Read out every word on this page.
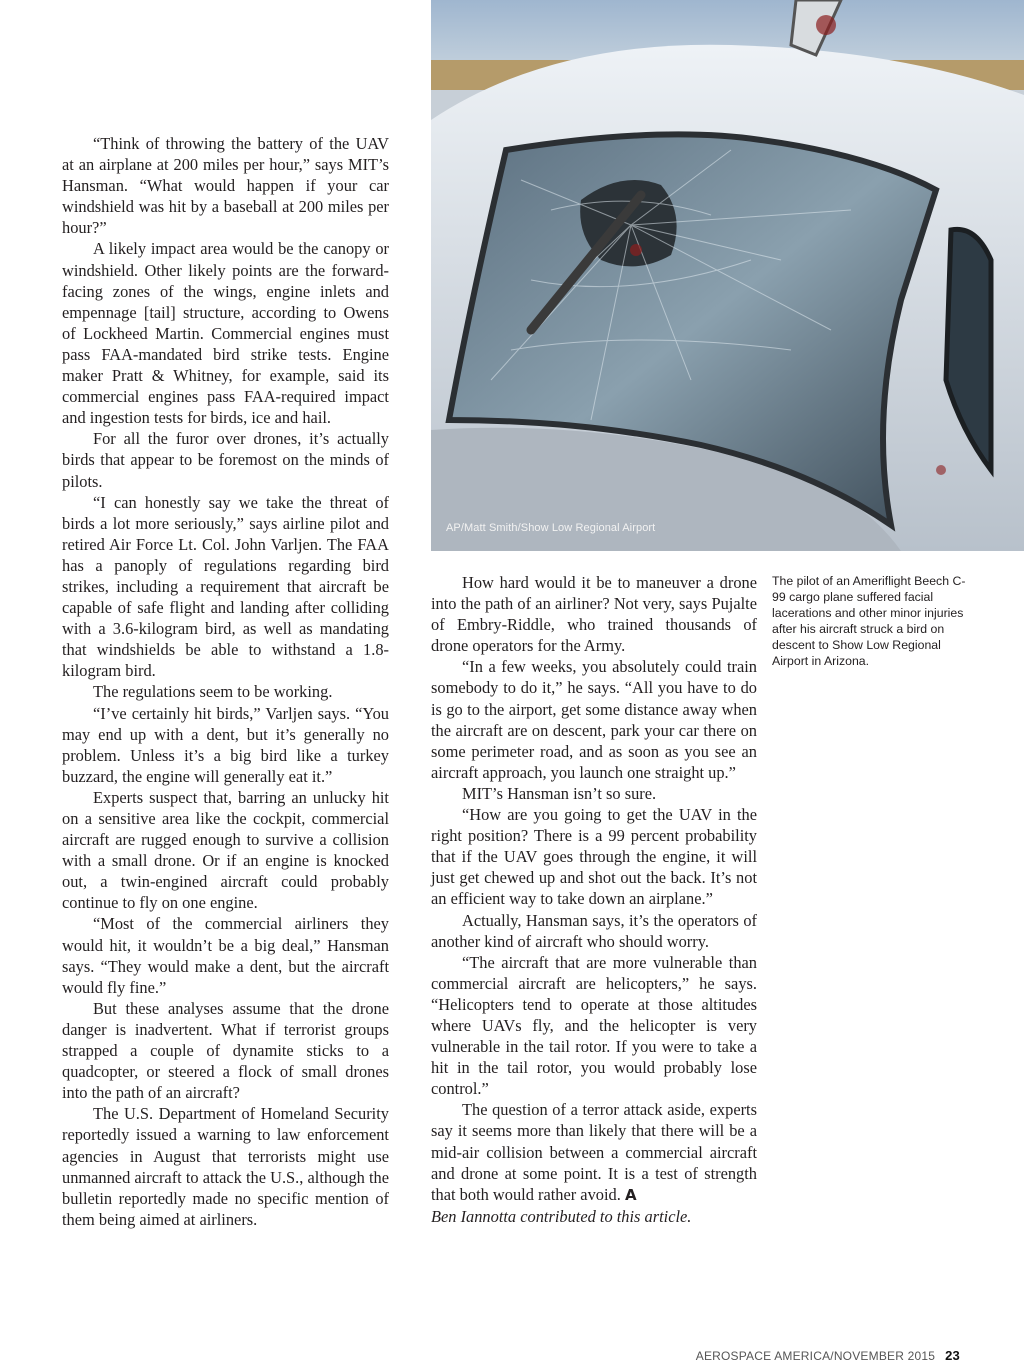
“Think of throwing the battery of the UAV at an airplane at 200 miles per hour,” says MIT’s Hansman. “What would happen if your car windshield was hit by a baseball at 200 miles per hour?”

A likely impact area would be the canopy or windshield. Other likely points are the forward-facing zones of the wings, engine inlets and empennage [tail] structure, according to Owens of Lockheed Martin. Commercial engines must pass FAA-mandated bird strike tests. Engine maker Pratt & Whitney, for example, said its commercial engines pass FAA-required impact and ingestion tests for birds, ice and hail.

For all the furor over drones, it’s actually birds that appear to be foremost on the minds of pilots.

“I can honestly say we take the threat of birds a lot more seriously,” says airline pilot and retired Air Force Lt. Col. John Varljen. The FAA has a panoply of regulations regarding bird strikes, including a requirement that aircraft be capable of safe flight and landing after colliding with a 3.6-kilogram bird, as well as mandating that windshields be able to withstand a 1.8-kilogram bird.

The regulations seem to be working.

“I’ve certainly hit birds,” Varljen says. “You may end up with a dent, but it’s generally no problem. Unless it’s a big bird like a turkey buzzard, the engine will generally eat it.”

Experts suspect that, barring an unlucky hit on a sensitive area like the cockpit, commercial aircraft are rugged enough to survive a collision with a small drone. Or if an engine is knocked out, a twin-engined aircraft could probably continue to fly on one engine.

“Most of the commercial airliners they would hit, it wouldn’t be a big deal,” Hansman says. “They would make a dent, but the aircraft would fly fine.”

But these analyses assume that the drone danger is inadvertent. What if terrorist groups strapped a couple of dynamite sticks to a quadcopter, or steered a flock of small drones into the path of an aircraft?

The U.S. Department of Homeland Security reportedly issued a warning to law enforcement agencies in August that terrorists might use unmanned aircraft to attack the U.S., although the bulletin reportedly made no specific mention of them being aimed at airliners.

AP/Matt Smith/Show Low Regional Airport
The pilot of an Ameriflight Beech C-99 cargo plane suffered facial lacerations and other minor injuries after his aircraft struck a bird on descent to Show Low Regional Airport in Arizona.

How hard would it be to maneuver a drone into the path of an airliner? Not very, says Pujalte of Embry-Riddle, who trained thousands of drone operators for the Army.

“In a few weeks, you absolutely could train somebody to do it,” he says. “All you have to do is go to the airport, get some distance away when the aircraft are on descent, park your car there on some perimeter road, and as soon as you see an aircraft approach, you launch one straight up.”

MIT’s Hansman isn’t so sure.

“How are you going to get the UAV in the right position? There is a 99 percent probability that if the UAV goes through the engine, it will just get chewed up and shot out the back. It’s not an efficient way to take down an airplane.”

Actually, Hansman says, it’s the operators of another kind of aircraft who should worry.

“The aircraft that are more vulnerable than commercial aircraft are helicopters,” he says. “Helicopters tend to operate at those altitudes where UAVs fly, and the helicopter is very vulnerable in the tail rotor. If you were to take a hit in the tail rotor, you would probably lose control.”

The question of a terror attack aside, experts say it seems more than likely that there will be a mid-air collision between a commercial aircraft and drone at some point. It is a test of strength that both would rather avoid. A

Ben Iannotta contributed to this article.

AEROSPACE AMERICA/NOVEMBER 2015 23
